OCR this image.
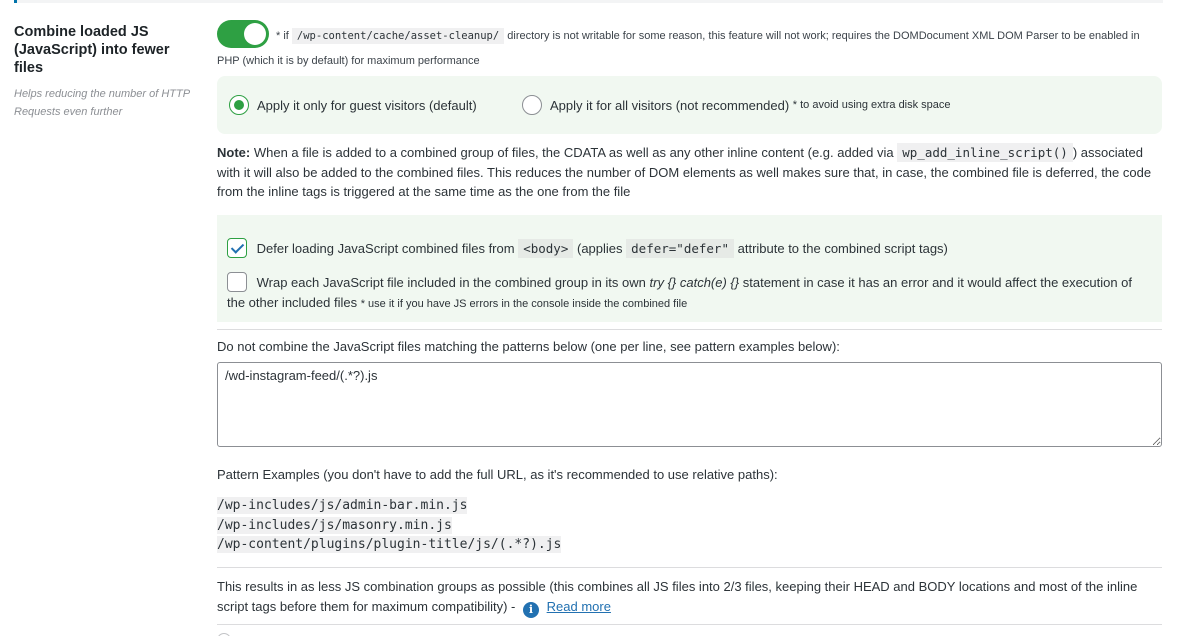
Combine loaded JS (JavaScript) into fewer files
Helps reducing the number of HTTP Requests even further
* if /wp-content/cache/asset-cleanup/ directory is not writable for some reason, this feature will not work; requires the DOMDocument XML DOM Parser to be enabled in PHP (which it is by default) for maximum performance
Apply it only for guest visitors (default)	Apply it for all visitors (not recommended)
* to avoid using extra disk space
Note: When a file is added to a combined group of files, the CDATA as well as any other inline content (e.g. added via wp_add_inline_script() ) associated with it will also be added to the combined files. This reduces the number of DOM elements as well makes sure that, in case, the combined file is deferred, the code from the inline tags is triggered at the same time as the one from the file
Defer loading JavaScript combined files from <body> (applies defer="defer" attribute to the combined script tags)
Wrap each JavaScript file included in the combined group in its own try {} catch(e) {} statement in case it has an error and it would affect the execution of the other included files * use it if you have JS errors in the console inside the combined file
Do not combine the JavaScript files matching the patterns below (one per line, see pattern examples below):
/wd-instagram-feed/(.*?).js
Pattern Examples (you don't have to add the full URL, as it's recommended to use relative paths):
/wp-includes/js/admin-bar.min.js
/wp-includes/js/masonry.min.js
/wp-content/plugins/plugin-title/js/(.*?).js
This results in as less JS combination groups as possible (this combines all JS files into 2/3 files, keeping their HEAD and BODY locations and most of the inline script tags before them for maximum compatibility) - i Read more
